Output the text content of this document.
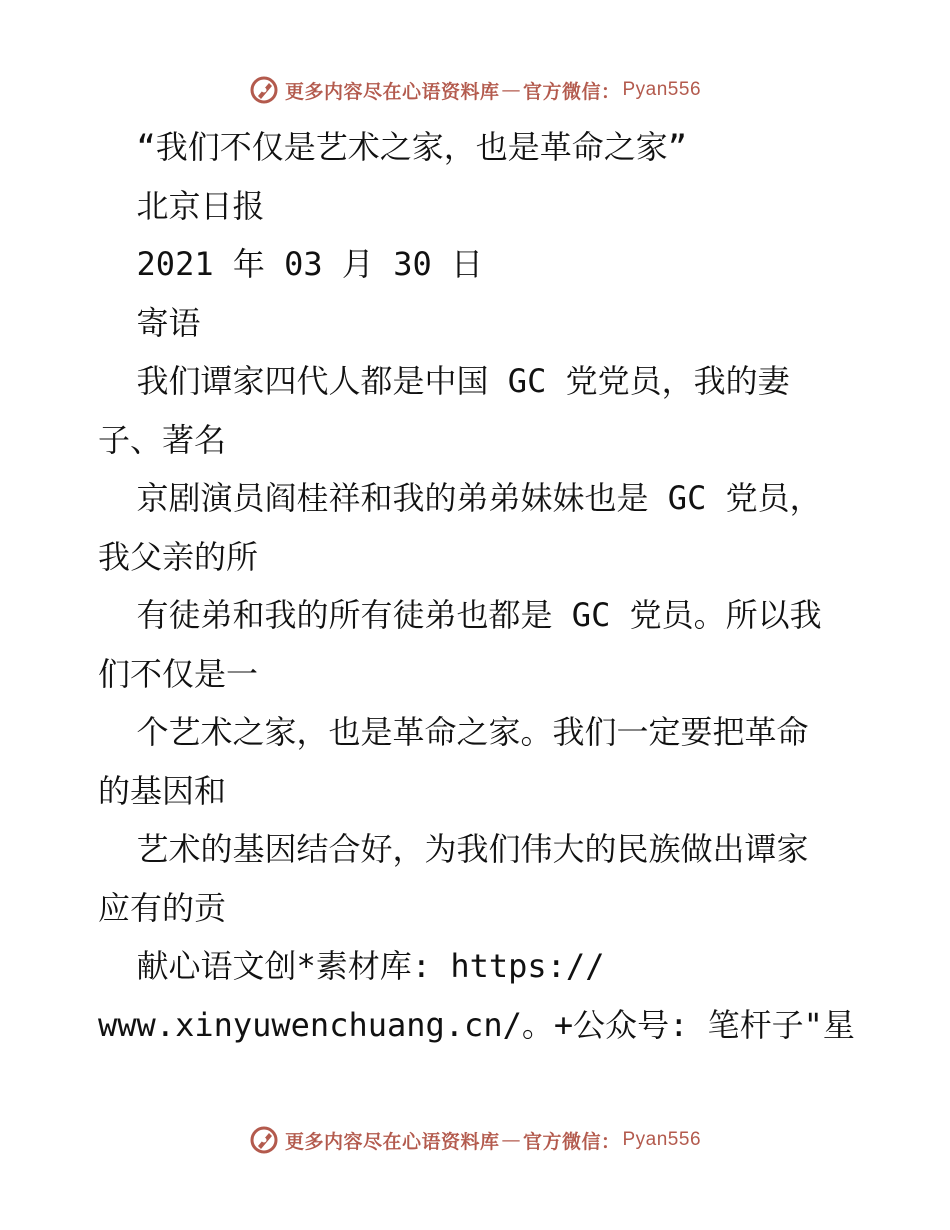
更多内容尽在心语资料库 — 官方微信： Pyan556
“我们不仅是艺术之家，也是革命之家”
北京日报
2021 年 03 月 30 日
寄语
我们谭家四代人都是中国 GC 党党员，我的妻
子、著名
京剧演员阎桂祥和我的弟弟妹妹也是 GC 党员，
我父亲的所
有徒弟和我的所有徒弟也都是 GC 党员。所以我
们不仅是一
个艺术之家，也是革命之家。我们一定要把革命
的基因和
艺术的基因结合好，为我们伟大的民族做出谭家
应有的贡
献心语文创*素材库: https://
www.xinyuwenchuang.cn/。+公众号: 笔杆子"星
更多内容尽在心语资料库 — 官方微信： Pyan556
